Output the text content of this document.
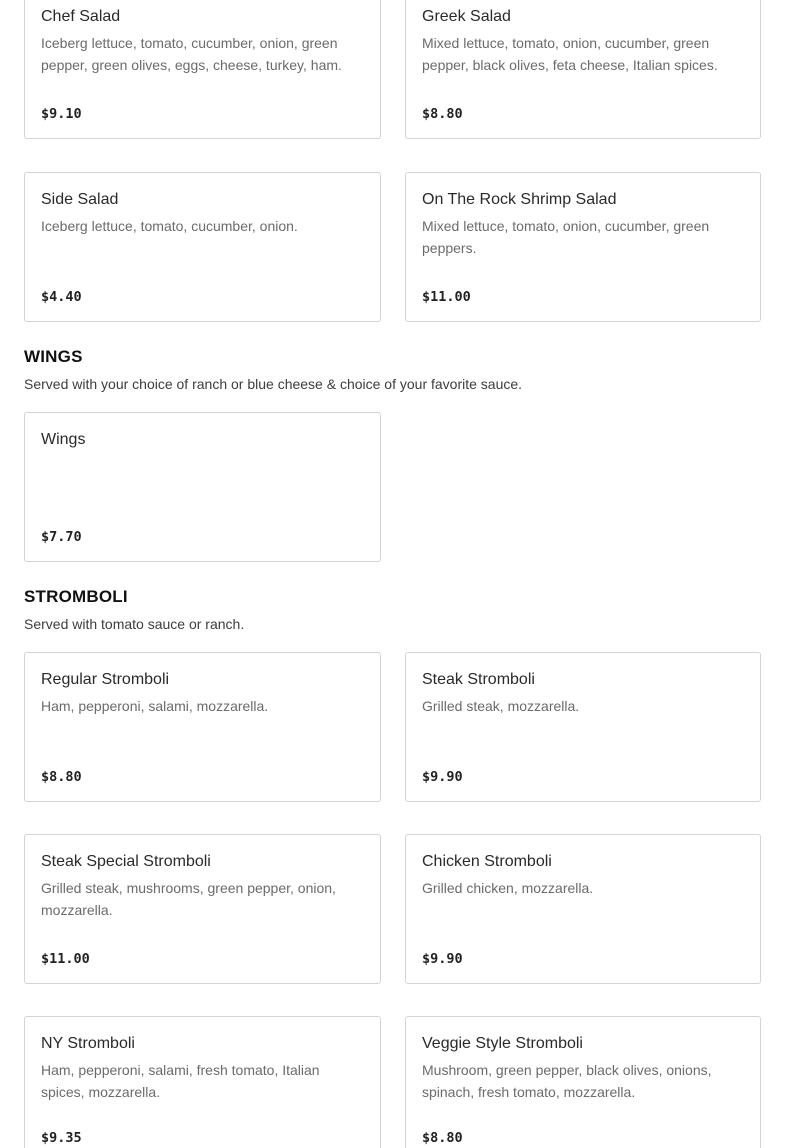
Chef Salad
Iceberg lettuce, tomato, cucumber, onion, green pepper, green olives, eggs, cheese, turkey, ham.
$9.10
Greek Salad
Mixed lettuce, tomato, onion, cucumber, green pepper, black olives, feta cheese, Italian spices.
$8.80
Side Salad
Iceberg lettuce, tomato, cucumber, onion.
$4.40
On The Rock Shrimp Salad
Mixed lettuce, tomato, onion, cucumber, green peppers.
$11.00
WINGS
Served with your choice of ranch or blue cheese & choice of your favorite sauce.
Wings
$7.70
STROMBOLI
Served with tomato sauce or ranch.
Regular Stromboli
Ham, pepperoni, salami, mozzarella.
$8.80
Steak Stromboli
Grilled steak, mozzarella.
$9.90
Steak Special Stromboli
Grilled steak, mushrooms, green pepper, onion, mozzarella.
$11.00
Chicken Stromboli
Grilled chicken, mozzarella.
$9.90
NY Stromboli
Ham, pepperoni, salami, fresh tomato, Italian spices, mozzarella.
$9.35
Veggie Style Stromboli
Mushroom, green pepper, black olives, onions, spinach, fresh tomato, mozzarella.
$8.80
